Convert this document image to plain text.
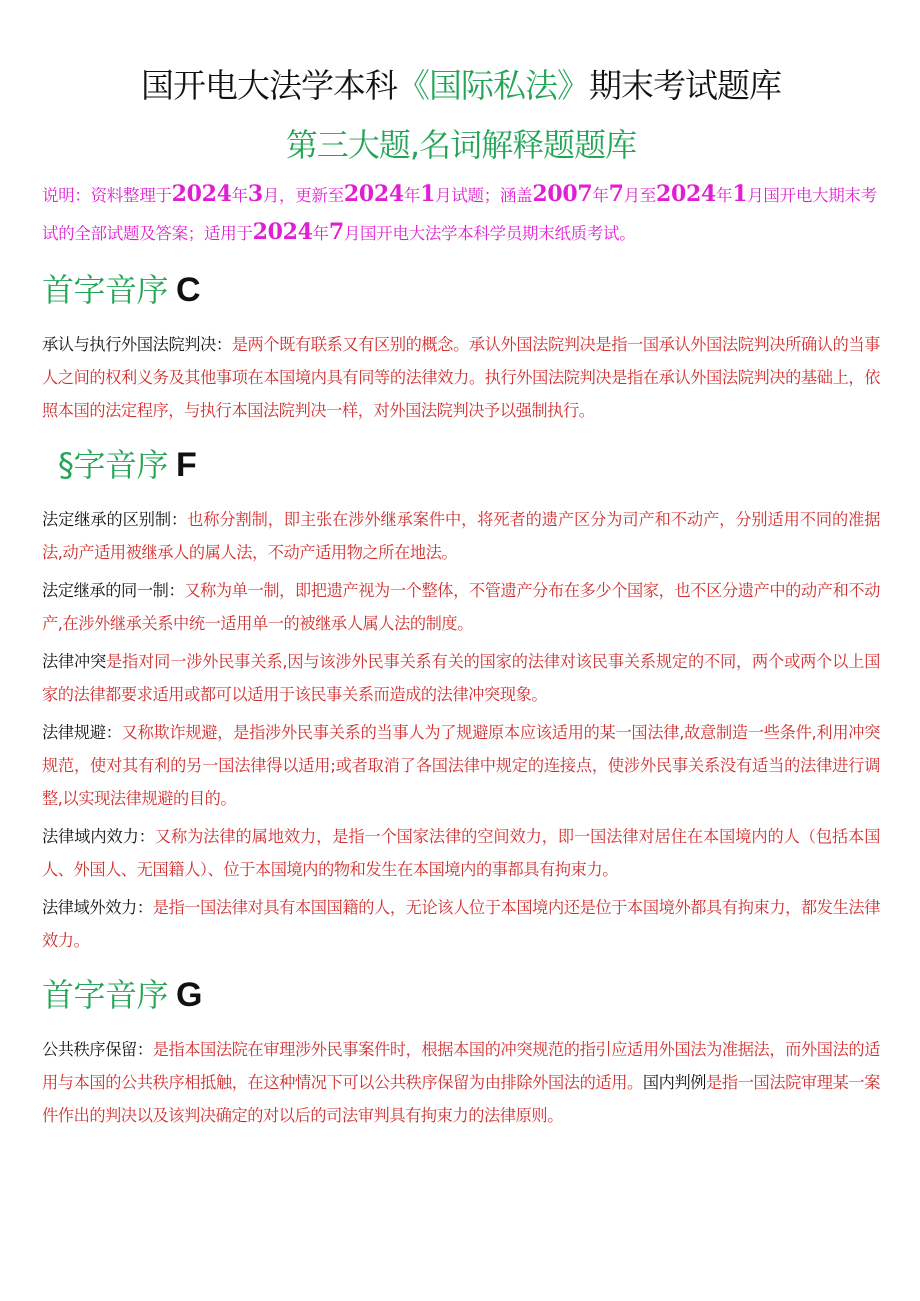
国开电大法学本科《国际私法》期末考试题库
第三大题,名词解释题题库

说明：资料整理于2024年3月，更新至2024年1月试题；涵盖2007年7月至2024年1月国开电大期末考试的全部试题及答案；适用于2024年7月国开电大法学本科学员期末纸质考试。

首字音序 C

承认与执行外国法院判决：是两个既有联系又有区别的概念。承认外国法院判决是指一国承认外国法院判决所确认的当事人之间的权利义务及其他事项在本国境内具有同等的法律效力。执行外国法院判决是指在承认外国法院判决的基础上，依照本国的法定程序，与执行本国法院判决一样，对外国法院判决予以强制执行。

§字音序 F

法定继承的区别制：也称分割制，即主张在涉外继承案件中，将死者的遗产区分为司产和不动产，分别适用不同的准据法,动产适用被继承人的属人法，不动产适用物之所在地法。

法定继承的同一制：又称为单一制，即把遗产视为一个整体，不管遗产分布在多少个国家，也不区分遗产中的动产和不动产,在涉外继承关系中统一适用单一的被继承人属人法的制度。

法律冲突是指对同一涉外民事关系,因与该涉外民事关系有关的国家的法律对该民事关系规定的不同，两个或两个以上国家的法律都要求适用或都可以适用于该民事关系而造成的法律冲突现象。

法律规避：又称欺诈规避，是指涉外民事关系的当事人为了规避原本应该适用的某一国法律,故意制造一些条件,利用冲突规范，使对其有利的另一国法律得以适用;或者取消了各国法律中规定的连接点，使涉外民事关系没有适当的法律进行调整,以实现法律规避的目的。

法律域内效力：又称为法律的属地效力，是指一个国家法律的空间效力，即一国法律对居住在本国境内的人（包括本国人、外国人、无国籍人）、位于本国境内的物和发生在本国境内的事都具有拘束力。

法律域外效力：是指一国法律对具有本国国籍的人，无论该人位于本国境内还是位于本国境外都具有拘束力，都发生法律效力。

首字音序 G

公共秩序保留：是指本国法院在审理涉外民事案件时，根据本国的冲突规范的指引应适用外国法为准据法，而外国法的适用与本国的公共秩序相抵触，在这种情况下可以公共秩序保留为由排除外国法的适用。国内判例是指一国法院审理某一案件作出的判决以及该判决确定的对以后的司法审判具有拘束力的法律原则。
